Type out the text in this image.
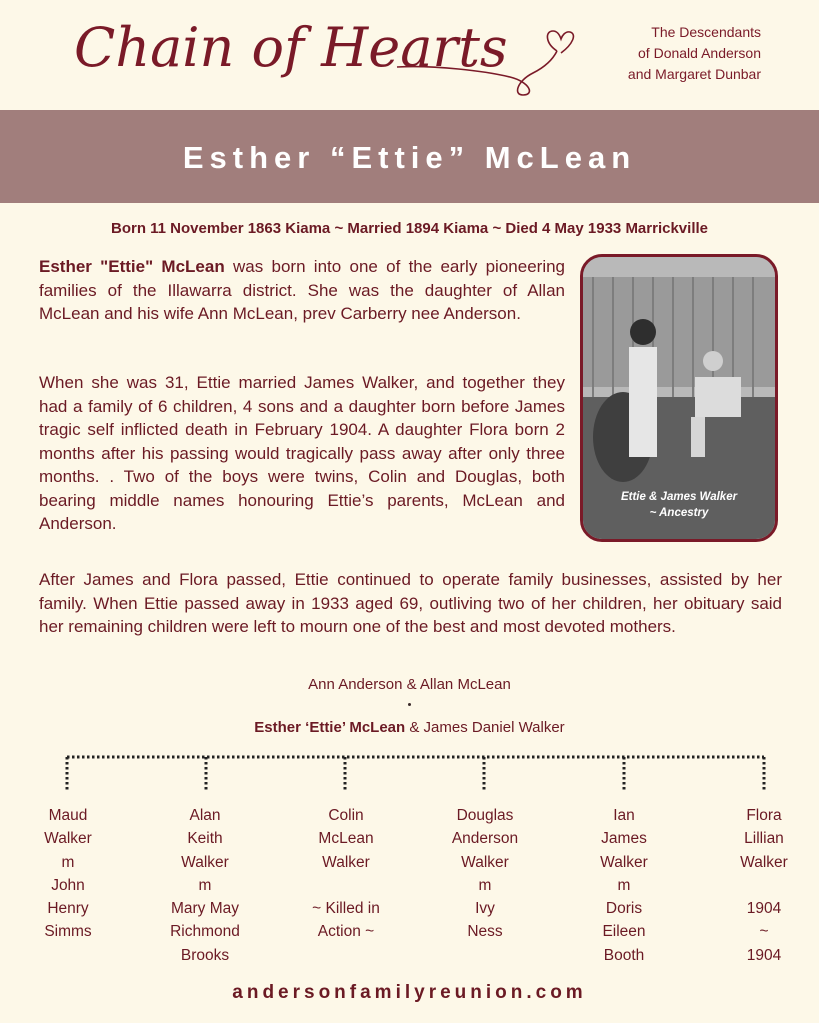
Chain of Hearts	The Descendants
of Donald Anderson
and Margaret Dunbar
Esther “Ettie” McLean
Born 11 November 1863 Kiama ~ Married 1894 Kiama ~ Died 4 May 1933 Marrickville
Esther "Ettie" McLean was born into one of the early pioneering families of the Illawarra district. She was the daughter of Allan McLean and his wife Ann McLean, prev Carberry nee Anderson.
When she was 31, Ettie married James Walker, and together they had a family of 6 children, 4 sons and a daughter born before James tragic self inflicted death in February 1904. A daughter Flora born 2 months after his passing would tragically pass away after only three months. . Two of the boys were twins, Colin and Douglas, both bearing middle names honouring Ettie’s parents, McLean and Anderson.
After James and Flora passed, Ettie continued to operate family businesses, assisted by her family. When Ettie passed away in 1933 aged 69, outliving two of her children, her obituary said her remaining children were left to mourn one of the best and most devoted mothers.
Ettie & James Walker
~ Ancestry
Ann Anderson & Allan McLean
Esther ‘Ettie’ McLean & James Daniel Walker
Maud
Walker
m
John
Henry
Simms
Alan
Keith
Walker
m
Mary May
Richmond
Brooks
Colin
McLean
Walker
~ Killed in
Action ~
Douglas
Anderson
Walker
m
Ivy
Ness
Ian
James
Walker
m
Doris
Eileen
Booth
Flora
Lillian
Walker
1904
~
1904
andersonfamilyreunion.com
